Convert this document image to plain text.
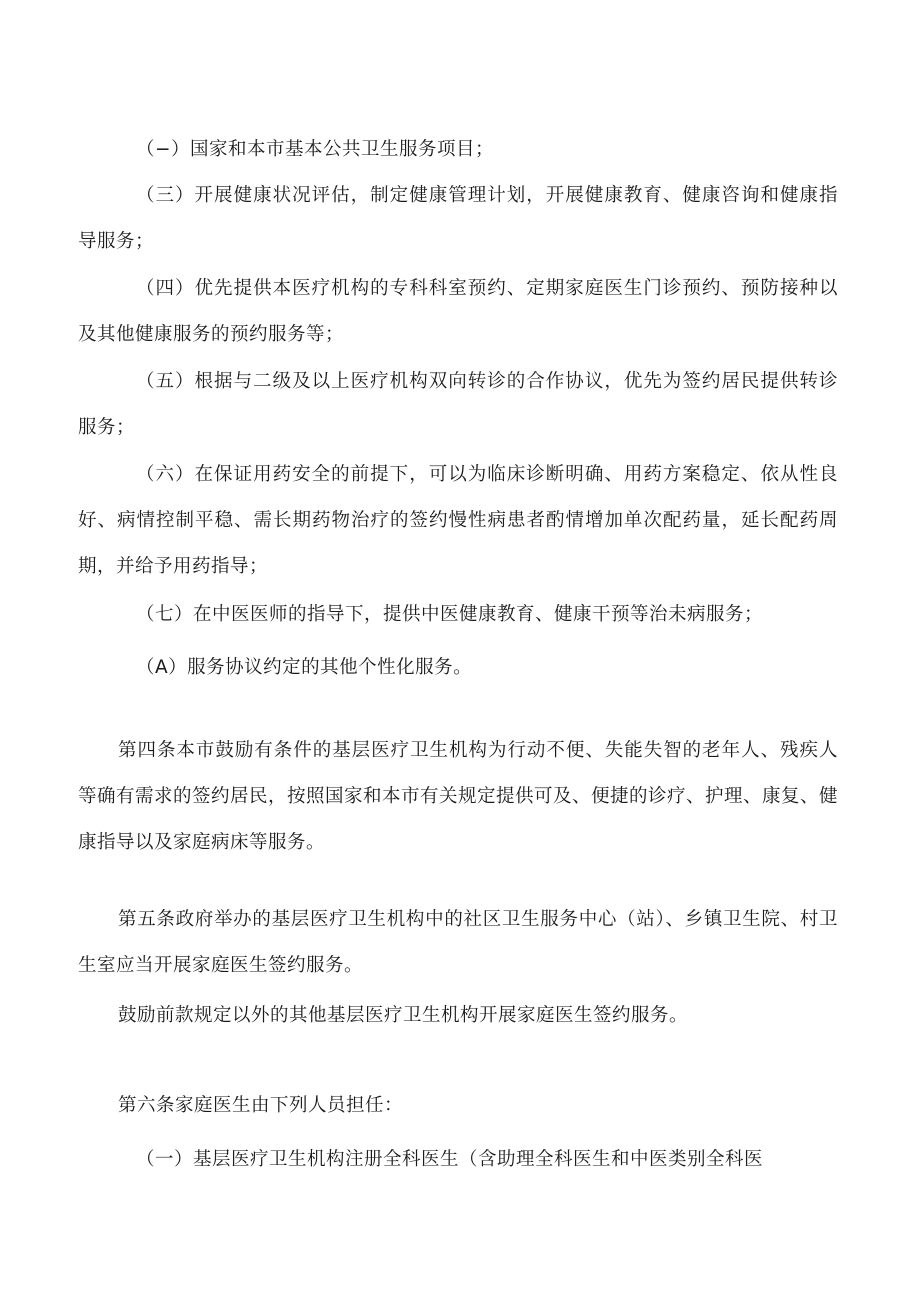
（−）国家和本市基本公共卫生服务项目；

（三）开展健康状况评估，制定健康管理计划，开展健康教育、健康咨询和健康指导服务；

（四）优先提供本医疗机构的专科科室预约、定期家庭医生门诊预约、预防接种以及其他健康服务的预约服务等；

（五）根据与二级及以上医疗机构双向转诊的合作协议，优先为签约居民提供转诊服务；

（六）在保证用药安全的前提下，可以为临床诊断明确、用药方案稳定、依从性良好、病情控制平稳、需长期药物治疗的签约慢性病患者酌情增加单次配药量，延长配药周期，并给予用药指导；

（七）在中医医师的指导下，提供中医健康教育、健康干预等治未病服务；

（A）服务协议约定的其他个性化服务。

第四条本市鼓励有条件的基层医疗卫生机构为行动不便、失能失智的老年人、残疾人等确有需求的签约居民，按照国家和本市有关规定提供可及、便捷的诊疗、护理、康复、健康指导以及家庭病床等服务。

第五条政府举办的基层医疗卫生机构中的社区卫生服务中心（站）、乡镇卫生院、村卫生室应当开展家庭医生签约服务。

鼓励前款规定以外的其他基层医疗卫生机构开展家庭医生签约服务。

第六条家庭医生由下列人员担任：

（一）基层医疗卫生机构注册全科医生（含助理全科医生和中医类别全科医
